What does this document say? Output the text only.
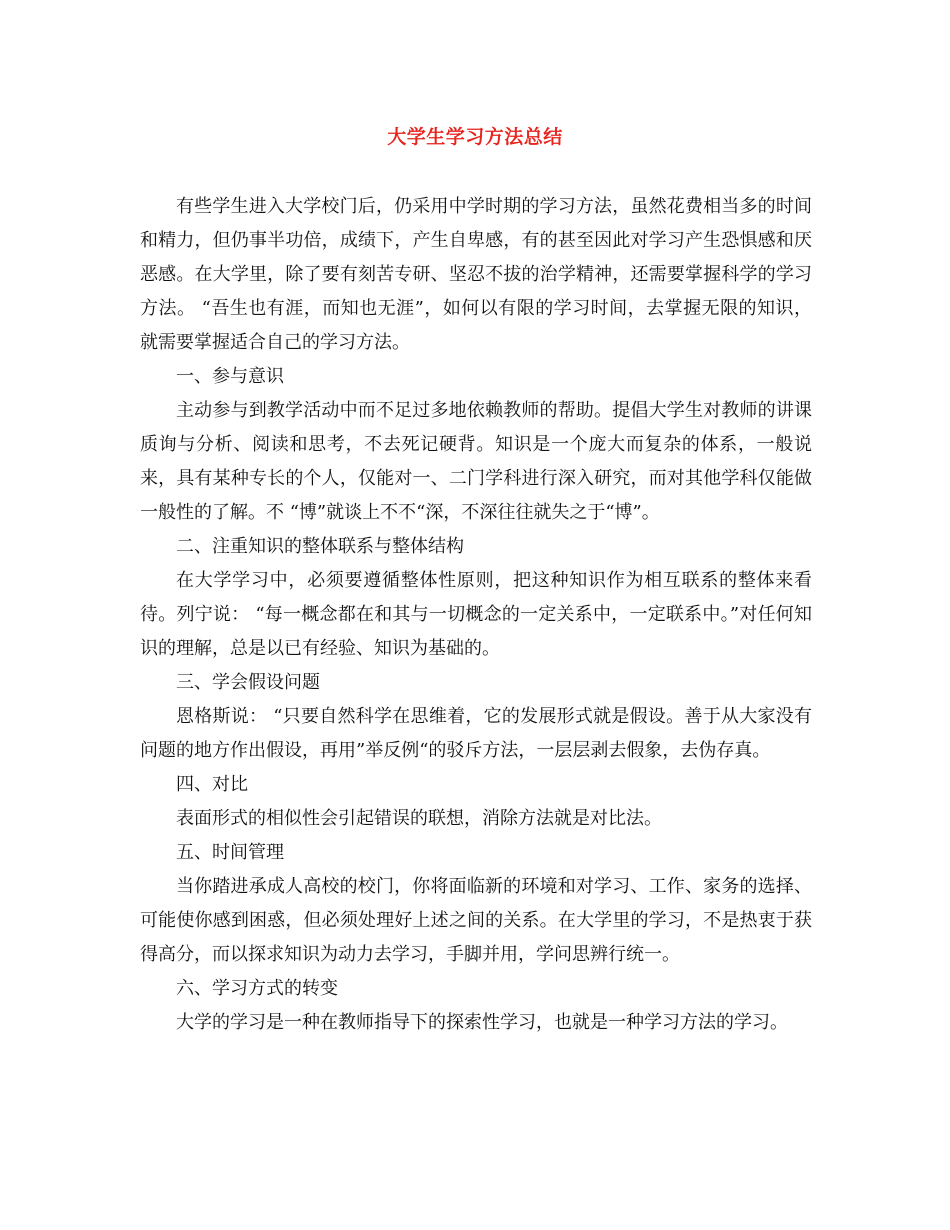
大学生学习方法总结

有些学生进入大学校门后，仍采用中学时期的学习方法，虽然花费相当多的时间和精力，但仍事半功倍，成绩下，产生自卑感，有的甚至因此对学习产生恐惧感和厌恶感。在大学里，除了要有刻苦专研、坚忍不拔的治学精神，还需要掌握科学的学习方法。 “吾生也有涯，而知也无涯”，如何以有限的学习时间，去掌握无限的知识，就需要掌握适合自己的学习方法。

一、参与意识

主动参与到教学活动中而不足过多地依赖教师的帮助。提倡大学生对教师的讲课质询与分析、阅读和思考，不去死记硬背。知识是一个庞大而复杂的体系，一般说来，具有某种专长的个人，仅能对一、二门学科进行深入研究，而对其他学科仅能做一般性的了解。不 “博”就谈上不不“深，不深往往就失之于“博”。

二、注重知识的整体联系与整体结构

在大学学习中，必须要遵循整体性原则，把这种知识作为相互联系的整体来看待。列宁说： “每一概念都在和其与一切概念的一定关系中，一定联系中。”对任何知识的理解，总是以已有经验、知识为基础的。

三、学会假设问题

恩格斯说： “只要自然科学在思维着，它的发展形式就是假设。善于从大家没有问题的地方作出假设，再用”举反例“的驳斥方法，一层层剥去假象，去伪存真。

四、对比

表面形式的相似性会引起错误的联想，消除方法就是对比法。

五、时间管理

当你踏进承成人高校的校门，你将面临新的环境和对学习、工作、家务的选择、可能使你感到困惑，但必须处理好上述之间的关系。在大学里的学习，不是热衷于获得高分，而以探求知识为动力去学习，手脚并用，学问思辨行统一。

六、学习方式的转变

大学的学习是一种在教师指导下的探索性学习，也就是一种学习方法的学习。
